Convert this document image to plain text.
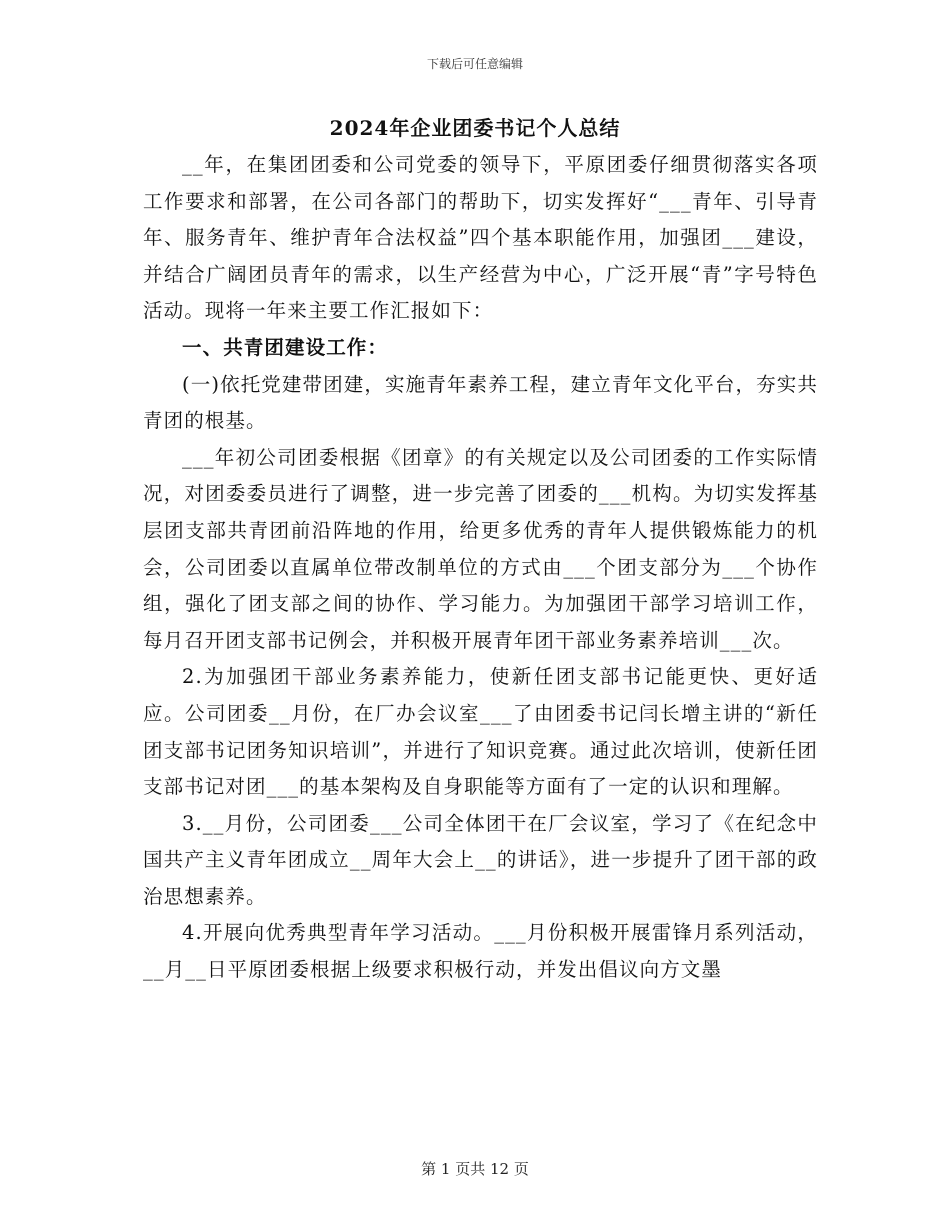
下载后可任意编辑
2024年企业团委书记个人总结

__年，在集团团委和公司党委的领导下，平原团委仔细贯彻落实各项工作要求和部署，在公司各部门的帮助下，切实发挥好“___青年、引导青年、服务青年、维护青年合法权益”四个基本职能作用，加强团___建设，并结合广阔团员青年的需求，以生产经营为中心，广泛开展“青”字号特色活动。现将一年来主要工作汇报如下：

一、共青团建设工作：

(一)依托党建带团建，实施青年素养工程，建立青年文化平台，夯实共青团的根基。

___年初公司团委根据《团章》的有关规定以及公司团委的工作实际情况，对团委委员进行了调整，进一步完善了团委的___机构。为切实发挥基层团支部共青团前沿阵地的作用，给更多优秀的青年人提供锻炼能力的机会，公司团委以直属单位带改制单位的方式由___个团支部分为___个协作组，强化了团支部之间的协作、学习能力。为加强团干部学习培训工作，每月召开团支部书记例会，并积极开展青年团干部业务素养培训___次。

2.为加强团干部业务素养能力，使新任团支部书记能更快、更好适应。公司团委__月份，在厂办会议室___了由团委书记闫长增主讲的“新任团支部书记团务知识培训”，并进行了知识竞赛。通过此次培训，使新任团支部书记对团___的基本架构及自身职能等方面有了一定的认识和理解。

3.__月份，公司团委___公司全体团干在厂会议室，学习了《在纪念中国共产主义青年团成立__周年大会上__的讲话》，进一步提升了团干部的政治思想素养。

4.开展向优秀典型青年学习活动。___月份积极开展雷锋月系列活动，__月__日平原团委根据上级要求积极行动，并发出倡议向方文墨

第 1 页共 12 页
